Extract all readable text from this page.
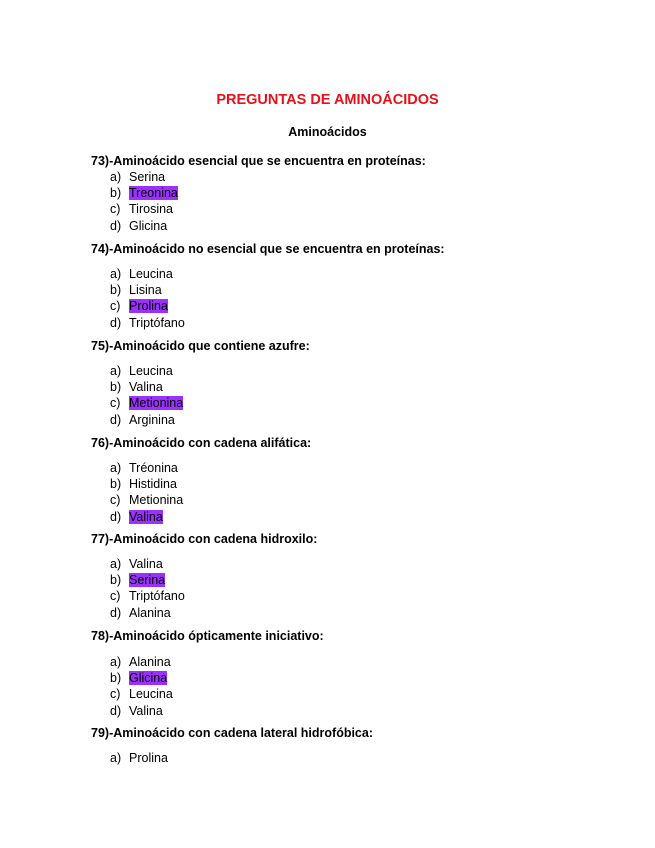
PREGUNTAS DE AMINOÁCIDOS
Aminoácidos
73)-Aminoácido esencial que se encuentra en proteínas:
a) Serina
b) Treonina
c) Tirosina
d) Glicina
74)-Aminoácido no esencial que se encuentra en proteínas:
a) Leucina
b) Lisina
c) Prolina
d) Triptófano
75)-Aminoácido que contiene azufre:
a) Leucina
b) Valina
c) Metionina
d) Arginina
76)-Aminoácido con cadena alifática:
a) Tréonina
b) Histidina
c) Metionina
d) Valina
77)-Aminoácido con cadena hidroxilo:
a) Valina
b) Serina
c) Triptófano
d) Alanina
78)-Aminoácido ópticamente iniciativo:
a) Alanina
b) Glicina
c) Leucina
d) Valina
79)-Aminoácido con cadena lateral hidrofóbica:
a) Prolina
